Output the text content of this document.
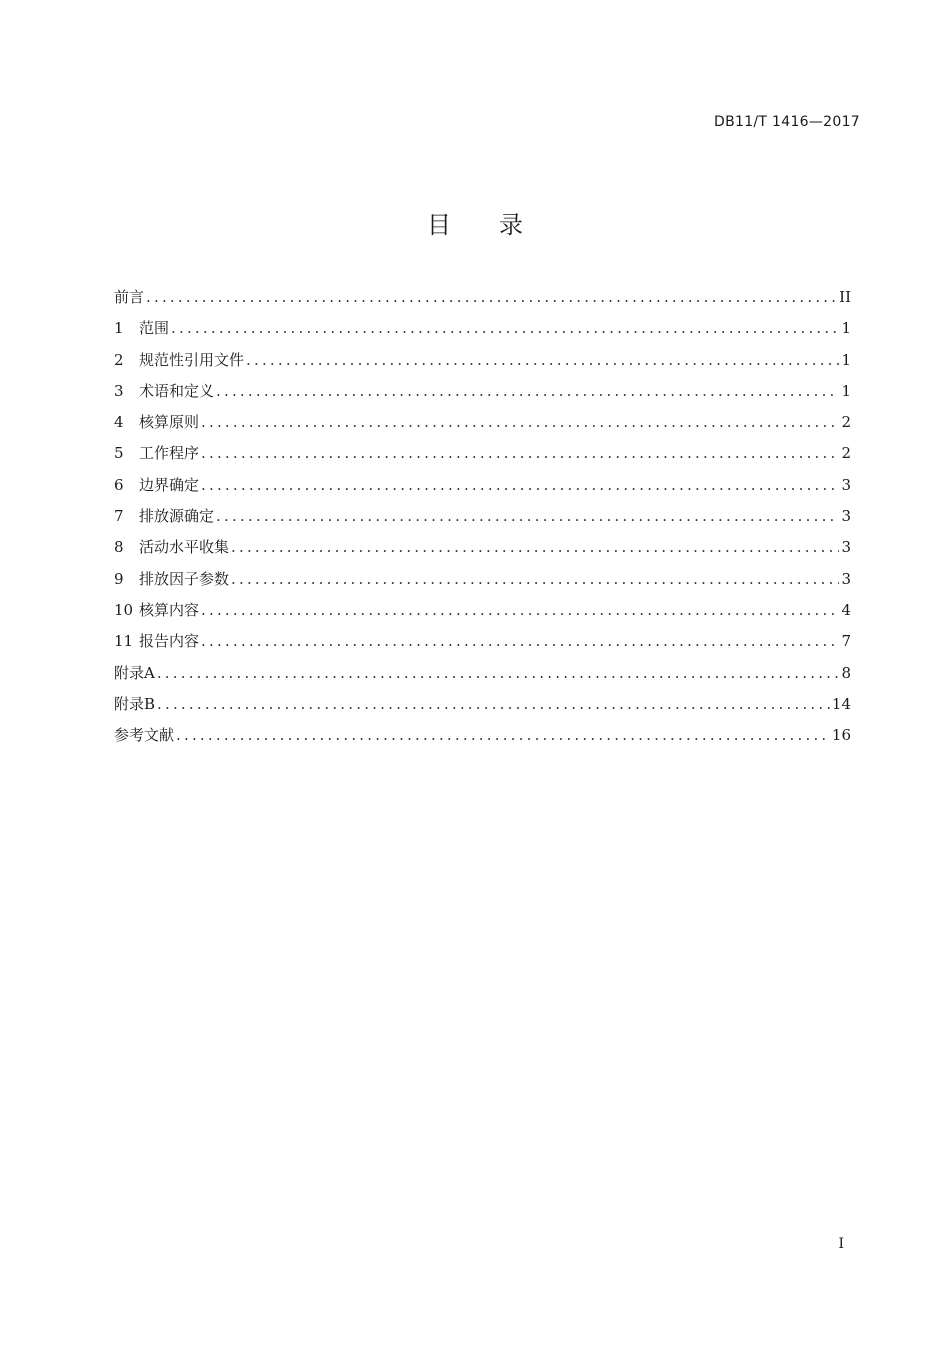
DB11/T 1416—2017
目 录
前言 .....	II
1	范围 .....	1
2	规范性引用文件 .....	1
3	术语和定义 .....	1
4	核算原则 .....	2
5	工作程序 .....	2
6	边界确定 .....	3
7	排放源确定 .....	3
8	活动水平收集 .....	3
9	排放因子参数 .....	3
10 核算内容 .....	4
11 报告内容 .....	7
附录A .....	8
附录B .....	14
参考文献 .....	16
I
